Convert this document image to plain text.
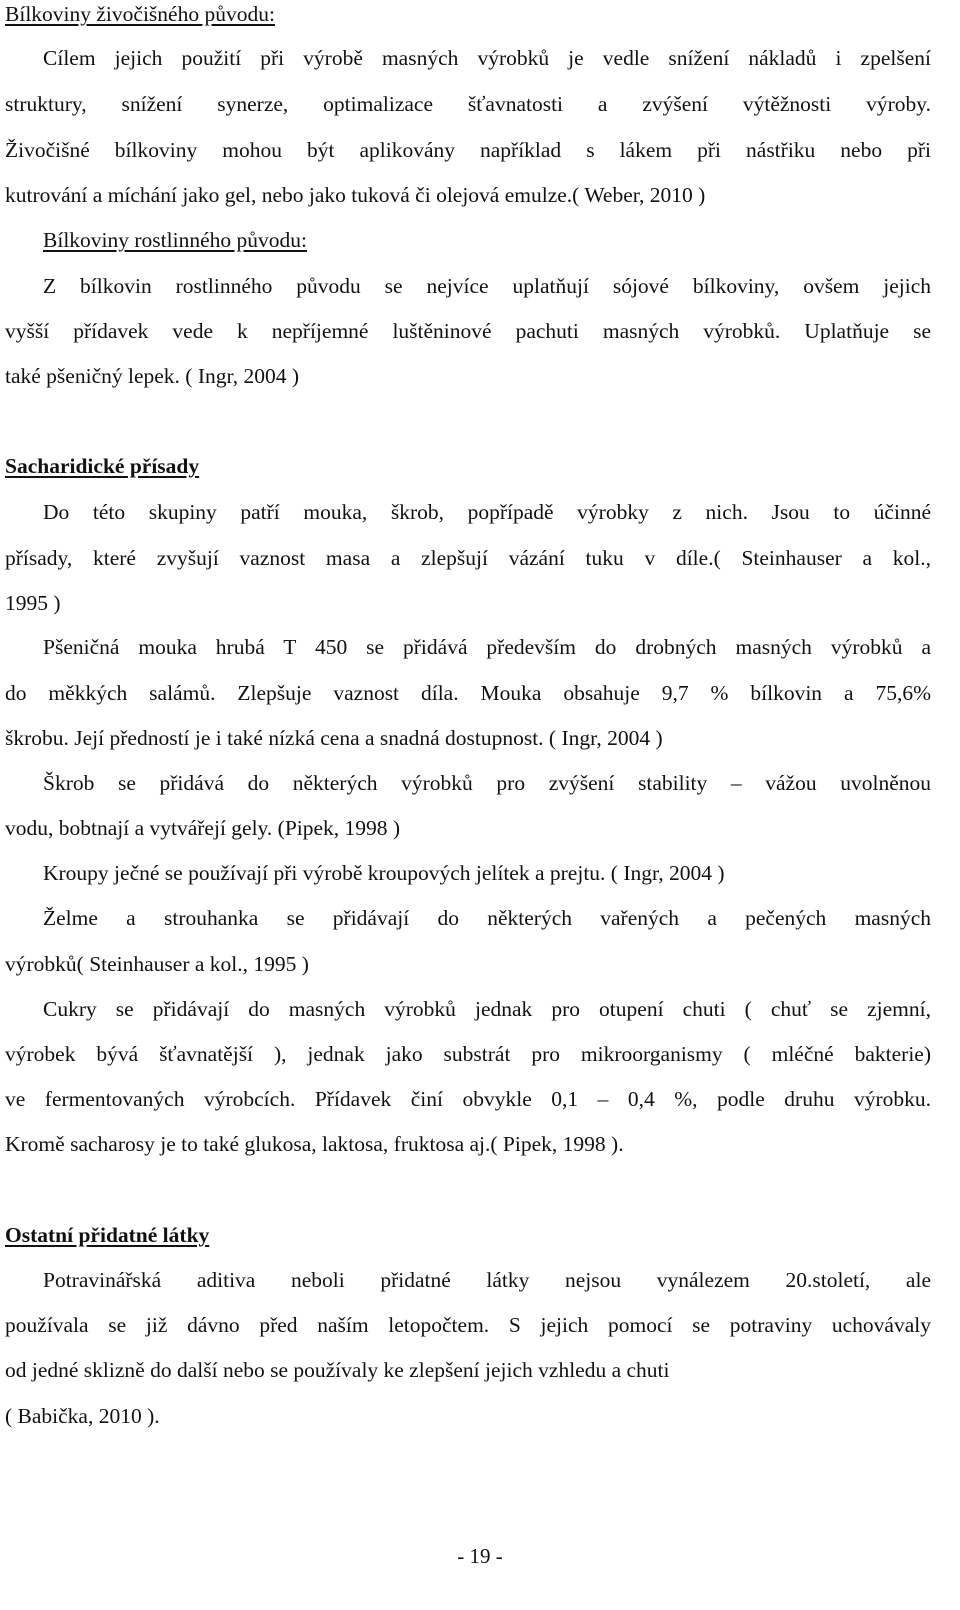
Bílkoviny živočišného původu:
Cílem jejich použití při výrobě masných výrobků je vedle snížení nákladů i zpelšení
struktury, snížení synerze, optimalizace šťavnatosti a zvýšení výtěžnosti výroby.
Živočišné bílkoviny mohou být aplikovány například s lákem při nástřiku nebo při
kutrování a míchání jako gel, nebo jako tuková či olejová emulze.( Weber, 2010 )
Bílkoviny rostlinného původu:
Z bílkovin rostlinného původu se nejvíce uplatňují sójové bílkoviny, ovšem jejich
vyšší přídavek vede k nepříjemné luštěninové pachuti masných výrobků. Uplatňuje se
také pšeničný lepek. ( Ingr, 2004 )
Sacharidické přísady
Do této skupiny patří mouka, škrob, popřípadě výrobky z nich. Jsou to účinné
přísady, které zvyšují vaznost masa a zlepšují vázání tuku v díle.( Steinhauser a kol.,
1995 )
Pšeničná mouka hrubá T 450 se přidává především do drobných masných výrobků a
do měkkých salámů. Zlepšuje vaznost díla. Mouka obsahuje 9,7 % bílkovin a 75,6%
škrobu. Její předností je i také nízká cena a snadná dostupnost. ( Ingr, 2004 )
Škrob se přidává do některých výrobků pro zvýšení stability – vážou uvolněnou
vodu, bobtnají a vytvářejí gely. (Pipek, 1998 )
Kroupy ječné se používají při výrobě kroupových jelítek a prejtu. ( Ingr, 2004 )
Želme a strouhanka se přidávají do některých vařených a pečených masných
výrobků( Steinhauser a kol., 1995 )
Cukry se přidávají do masných výrobků jednak pro otupení chuti ( chuť se zjemní,
výrobek bývá šťavnatější ), jednak jako substrát pro mikroorganismy ( mléčné bakterie)
ve fermentovaných výrobcích. Přídavek činí obvykle 0,1 – 0,4 %, podle druhu výrobku.
Kromě sacharosy je to také glukosa, laktosa, fruktosa aj.( Pipek, 1998 ).
Ostatní přidatné látky
Potravinářská aditiva neboli přidatné látky nejsou vynálezem 20.století, ale
používala se již dávno před naším letopočtem. S jejich pomocí se potraviny uchovávaly
od jedné sklizně do další nebo se používaly ke zlepšení jejich vzhledu a chuti
( Babička, 2010 ).
- 19 -
